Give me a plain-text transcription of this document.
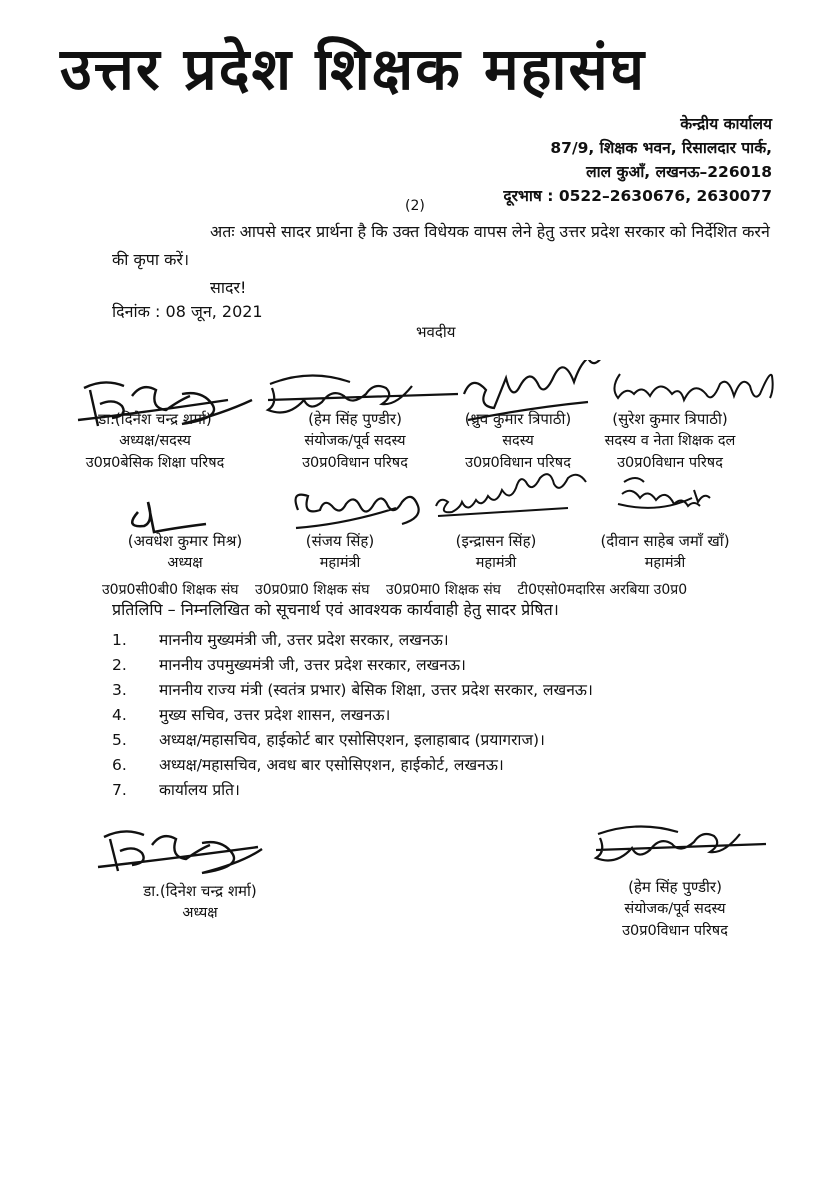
उत्तर प्रदेश शिक्षक महासंघ
केन्द्रीय कार्यालय
87/9, शिक्षक भवन, रिसालदार पार्क,
लाल कुआँ, लखनऊ–226018
दूरभाष : 0522–2630676, 2630077
(2)
अतः आपसे सादर प्रार्थना है कि उक्त विधेयक वापस लेने हेतु उत्तर प्रदेश सरकार को निर्देशित करने की कृपा करें।
सादर!
दिनांक : 08 जून, 2021
भवदीय
डा.(दिनेश चन्द्र शर्मा)
अध्यक्ष/सदस्य
उ0प्र0बेसिक शिक्षा परिषद
(हेम सिंह पुण्डीर)
संयोजक/पूर्व सदस्य
उ0प्र0विधान परिषद
(ध्रुव कुमार त्रिपाठी)
सदस्य
उ0प्र0विधान परिषद
(सुरेश कुमार त्रिपाठी)
सदस्य व नेता शिक्षक दल
उ0प्र0विधान परिषद
(अवधेश कुमार मिश्र)
अध्यक्ष
(संजय सिंह)
महामंत्री
(इन्द्रासन सिंह)
महामंत्री
(दीवान साहेब जमाँ खाँ)
महामंत्री
उ0प्र0सी0बी0 शिक्षक संघ उ0प्र0प्रा0 शिक्षक संघ उ0प्र0मा0 शिक्षक संघ टी0एसो0मदारिस अरबिया उ0प्र0
प्रतिलिपि – निम्नलिखित को सूचनार्थ एवं आवश्यक कार्यवाही हेतु सादर प्रेषित।
1. माननीय मुख्यमंत्री जी, उत्तर प्रदेश सरकार, लखनऊ।
2. माननीय उपमुख्यमंत्री जी, उत्तर प्रदेश सरकार, लखनऊ।
3. माननीय राज्य मंत्री (स्वतंत्र प्रभार) बेसिक शिक्षा, उत्तर प्रदेश सरकार, लखनऊ।
4. मुख्य सचिव, उत्तर प्रदेश शासन, लखनऊ।
5. अध्यक्ष/महासचिव, हाईकोर्ट बार एसोसिएशन, इलाहाबाद (प्रयागराज)।
6. अध्यक्ष/महासचिव, अवध बार एसोसिएशन, हाईकोर्ट, लखनऊ।
7. कार्यालय प्रति।
डा.(दिनेश चन्द्र शर्मा)
अध्यक्ष
(हेम सिंह पुण्डीर)
संयोजक/पूर्व सदस्य
उ0प्र0विधान परिषद
